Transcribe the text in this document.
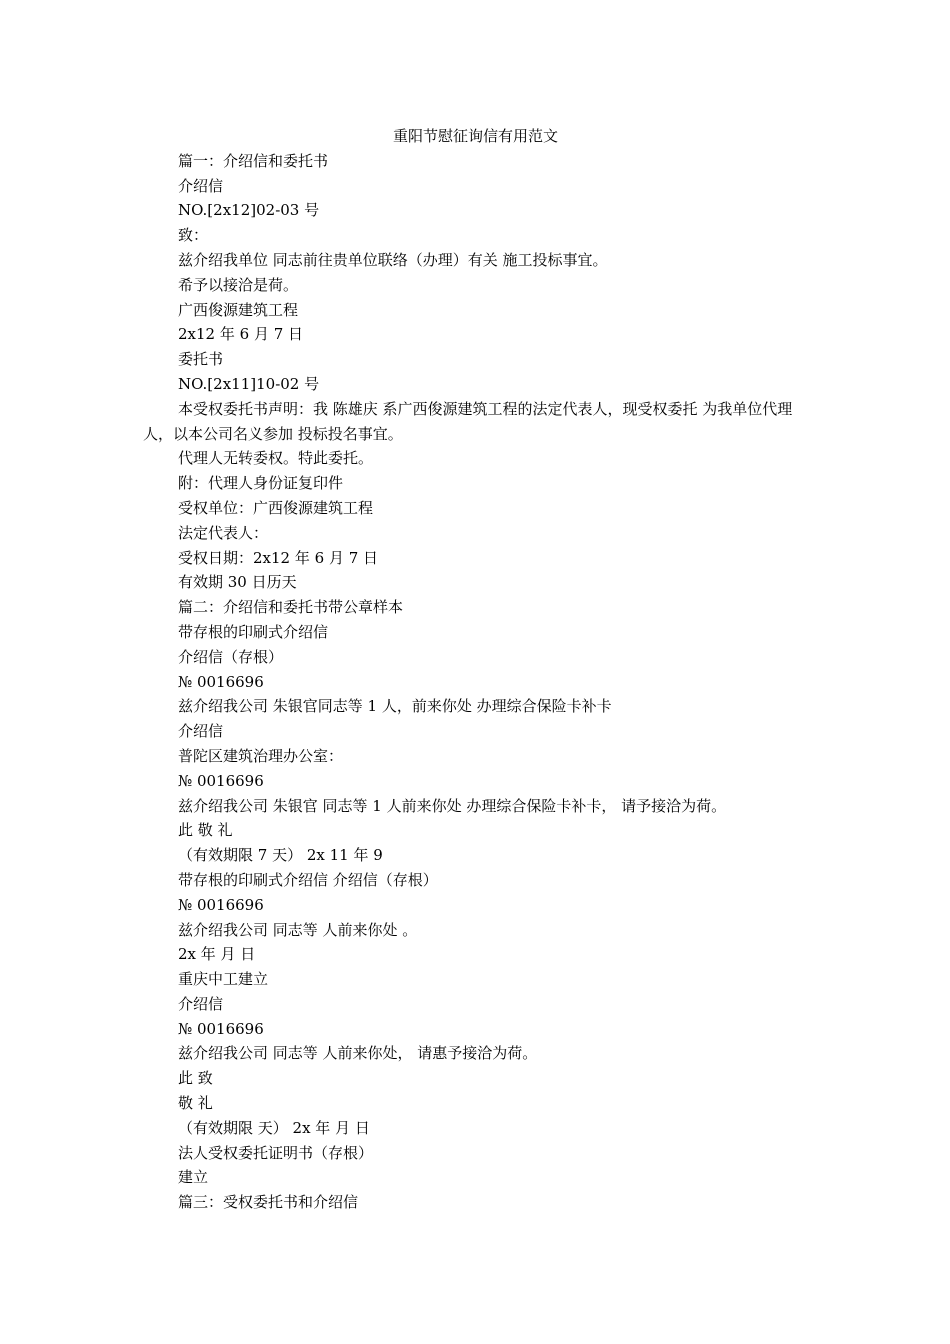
重阳节慰征询信有用范文

篇一：介绍信和委托书

介绍信

NO.[2x12]02-03 号

致：

兹介绍我单位 同志前往贵单位联络（办理）有关 施工投标事宜。

希予以接洽是荷。

广西俊源建筑工程

2x12 年 6 月 7 日

委托书

NO.[2x11]10-02 号

本受权委托书声明：我 陈雄庆 系广西俊源建筑工程的法定代表人，现受权委托 为我单位代理人，以本公司名义参加 投标投名事宜。

代理人无转委权。特此委托。

附：代理人身份证复印件

受权单位：广西俊源建筑工程

法定代表人：

受权日期：2x12 年 6 月 7 日

有效期 30 日历天

篇二：介绍信和委托书带公章样本

带存根的印刷式介绍信

介绍信（存根）

№ 0016696

兹介绍我公司 朱银官同志等 1 人，前来你处 办理综合保险卡补卡

介绍信

普陀区建筑治理办公室：

№ 0016696

兹介绍我公司 朱银官 同志等 1 人前来你处 办理综合保险卡补卡， 请予接洽为荷。

此 敬 礼

（有效期限 7 天） 2x 11 年 9

带存根的印刷式介绍信 介绍信（存根）

№ 0016696

兹介绍我公司 同志等 人前来你处 。

2x 年 月 日

重庆中工建立

介绍信

№ 0016696

兹介绍我公司 同志等 人前来你处， 请惠予接洽为荷。

此 致

敬 礼

（有效期限 天） 2x 年 月 日

法人受权委托证明书（存根）

建立

篇三：受权委托书和介绍信
